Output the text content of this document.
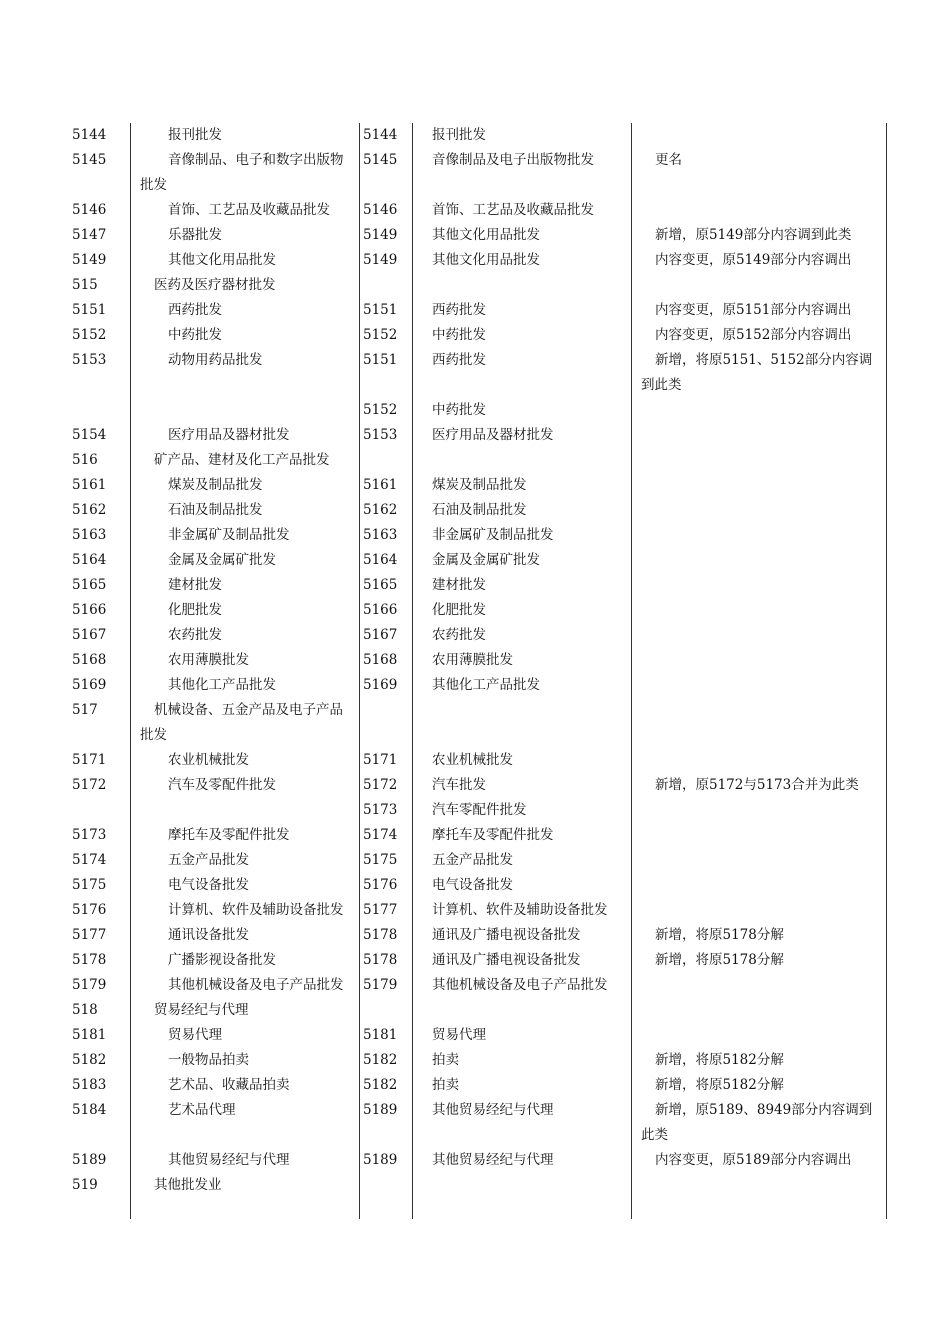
5144	报刊批发	5144	报刊批发	
5145	音像制品、电子和数字出版物批发	5145	音像制品及电子出版物批发	更名
5146	首饰、工艺品及收藏品批发	5146	首饰、工艺品及收藏品批发	
5147	乐器批发	5149	其他文化用品批发	新增，原5149部分内容调到此类
5149	其他文化用品批发	5149	其他文化用品批发	内容变更，原5149部分内容调出
515	医药及医疗器材批发			
5151	西药批发	5151	西药批发	内容变更，原5151部分内容调出
5152	中药批发	5152	中药批发	内容变更，原5152部分内容调出
5153	动物用药品批发	5151	西药批发	新增，将原5151、5152部分内容调到此类
		5152	中药批发	
5154	医疗用品及器材批发	5153	医疗用品及器材批发	
516	矿产品、建材及化工产品批发			
5161	煤炭及制品批发	5161	煤炭及制品批发	
5162	石油及制品批发	5162	石油及制品批发	
5163	非金属矿及制品批发	5163	非金属矿及制品批发	
5164	金属及金属矿批发	5164	金属及金属矿批发	
5165	建材批发	5165	建材批发	
5166	化肥批发	5166	化肥批发	
5167	农药批发	5167	农药批发	
5168	农用薄膜批发	5168	农用薄膜批发	
5169	其他化工产品批发	5169	其他化工产品批发	
517	机械设备、五金产品及电子产品批发			
5171	农业机械批发	5171	农业机械批发	
5172	汽车及零配件批发	5172	汽车批发	新增，原5172与5173合并为此类
		5173	汽车零配件批发	
5173	摩托车及零配件批发	5174	摩托车及零配件批发	
5174	五金产品批发	5175	五金产品批发	
5175	电气设备批发	5176	电气设备批发	
5176	计算机、软件及辅助设备批发	5177	计算机、软件及辅助设备批发	
5177	通讯设备批发	5178	通讯及广播电视设备批发	新增，将原5178分解
5178	广播影视设备批发	5178	通讯及广播电视设备批发	新增，将原5178分解
5179	其他机械设备及电子产品批发	5179	其他机械设备及电子产品批发	
518	贸易经纪与代理			
5181	贸易代理	5181	贸易代理	
5182	一般物品拍卖	5182	拍卖	新增，将原5182分解
5183	艺术品、收藏品拍卖	5182	拍卖	新增，将原5182分解
5184	艺术品代理	5189	其他贸易经纪与代理	新增，原5189、8949部分内容调到此类
5189	其他贸易经纪与代理	5189	其他贸易经纪与代理	内容变更，原5189部分内容调出
519	其他批发业			
